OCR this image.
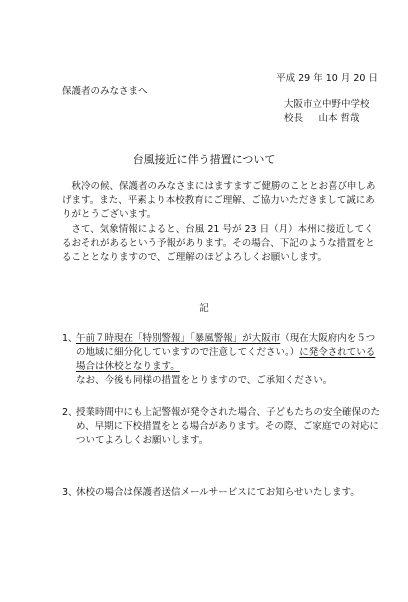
平成 29 年 10 月 20 日
保護者のみなさまへ
大阪市立中野中学校
校長 　 山本 哲哉
台風接近に伴う措置について
　秋冷の候、保護者のみなさまにはますますご健勝のこととお喜び申しあげます。また、平素より本校教育にご理解、ご協力いただきまして誠にありがとうございます。
　さて、気象情報によると、台風 21 号が 23 日（月）本州に接近してくるおそれがあるという予報があります。その場合、下記のような措置をとることとなりますので、ご理解のほどよろしくお願いします。
記
1、
午前７時現在「特別警報」「暴風警報」が大阪市（現在大阪府内を５つの地域に細分化していますので注意してください。）に発令されている場合は休校となります。
なお、今後も同様の措置をとりますので、ご承知ください。
2、
授業時間中にも上記警報が発令された場合、子どもたちの安全確保のため、早期に下校措置をとる場合があります。その際、ご家庭での対応についてよろしくお願いします。
3、
休校の場合は保護者送信メールサービスにてお知らせいたします。
